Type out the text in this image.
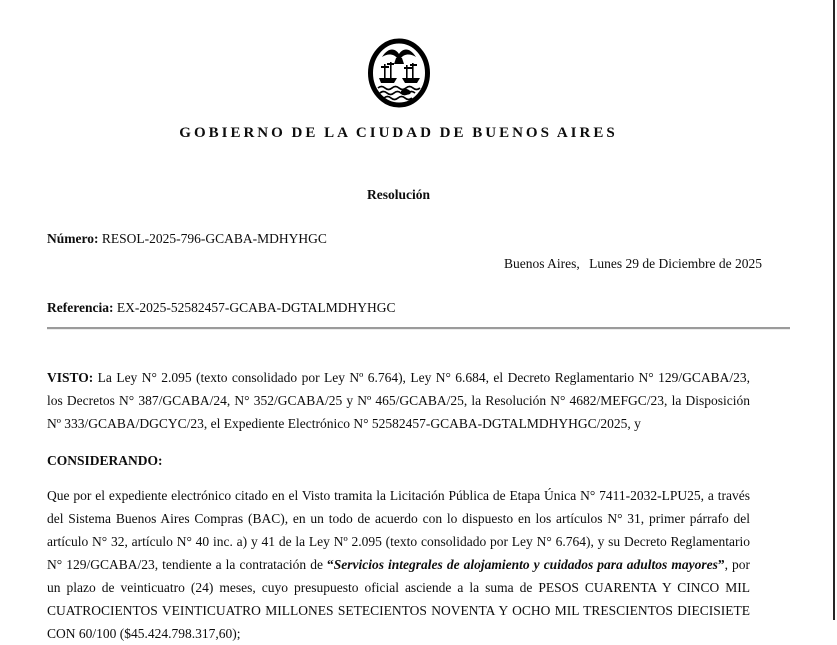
GOBIERNO DE LA CIUDAD DE BUENOS AIRES
Resolución
Número: RESOL-2025-796-GCABA-MDHYHGC
Buenos Aires, Lunes 29 de Diciembre de 2025
Referencia: EX-2025-52582457-GCABA-DGTALMDHYHGC
VISTO: La Ley N° 2.095 (texto consolidado por Ley Nº 6.764), Ley N° 6.684, el Decreto Reglamentario N° 129/GCABA/23, los Decretos N° 387/GCABA/24, N° 352/GCABA/25 y Nº 465/GCABA/25, la Resolución N° 4682/MEFGC/23, la Disposición Nº 333/GCABA/DGCYC/23, el Expediente Electrónico N° 52582457-GCABA-DGTALMDHYHGC/2025, y
CONSIDERANDO:
Que por el expediente electrónico citado en el Visto tramita la Licitación Pública de Etapa Única N° 7411-2032-LPU25, a través del Sistema Buenos Aires Compras (BAC), en un todo de acuerdo con lo dispuesto en los artículos N° 31, primer párrafo del artículo N° 32, artículo N° 40 inc. a) y 41 de la Ley Nº 2.095 (texto consolidado por Ley N° 6.764), y su Decreto Reglamentario N° 129/GCABA/23, tendiente a la contratación de “Servicios integrales de alojamiento y cuidados para adultos mayores”, por un plazo de veinticuatro (24) meses, cuyo presupuesto oficial asciende a la suma de PESOS CUARENTA Y CINCO MIL CUATROCIENTOS VEINTICUATRO MILLONES SETECIENTOS NOVENTA Y OCHO MIL TRESCIENTOS DIECISIETE CON 60/100 ($45.424.798.317,60);
